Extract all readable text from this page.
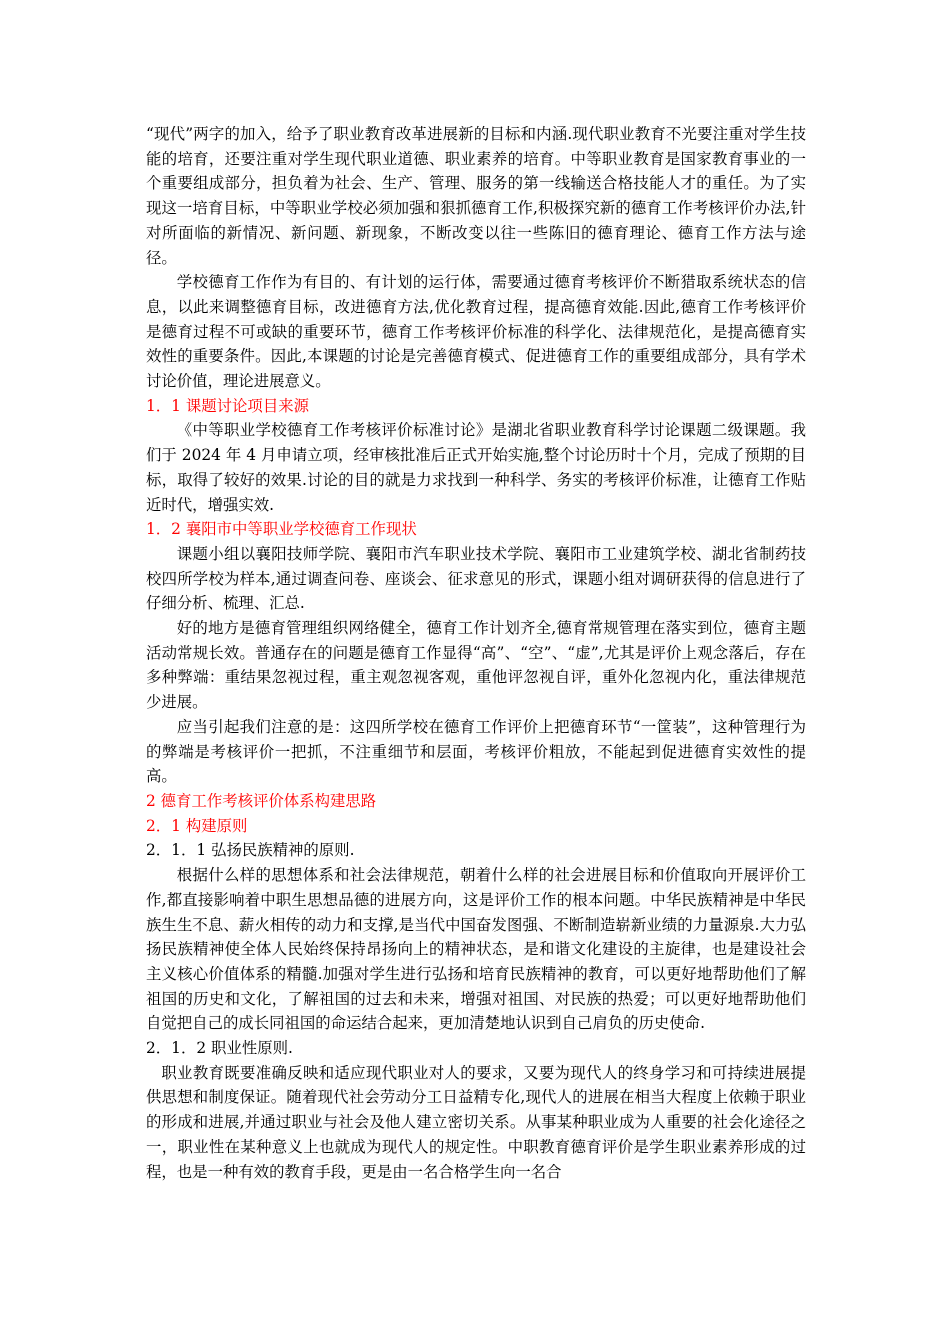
“现代”两字的加入，给予了职业教育改革进展新的目标和内涵.现代职业教育不光要注重对学生技能的培育，还要注重对学生现代职业道德、职业素养的培育。中等职业教育是国家教育事业的一个重要组成部分，担负着为社会、生产、管理、服务的第一线输送合格技能人才的重任。为了实现这一培育目标，中等职业学校必须加强和狠抓德育工作,积极探究新的德育工作考核评价办法,针对所面临的新情况、新问题、新现象，不断改变以往一些陈旧的德育理论、德育工作方法与途径。

学校德育工作作为有目的、有计划的运行体，需要通过德育考核评价不断猎取系统状态的信息，以此来调整德育目标，改进德育方法,优化教育过程，提高德育效能.因此,德育工作考核评价是德育过程不可或缺的重要环节，德育工作考核评价标准的科学化、法律规范化，是提高德育实效性的重要条件。因此,本课题的讨论是完善德育模式、促进德育工作的重要组成部分，具有学术讨论价值，理论进展意义。

1．1 课题讨论项目来源

《中等职业学校德育工作考核评价标准讨论》是湖北省职业教育科学讨论课题二级课题。我们于 2024 年 4 月申请立项，经审核批准后正式开始实施,整个讨论历时十个月，完成了预期的目标，取得了较好的效果.讨论的目的就是力求找到一种科学、务实的考核评价标准，让德育工作贴近时代，增强实效.

1．2 襄阳市中等职业学校德育工作现状

课题小组以襄阳技师学院、襄阳市汽车职业技术学院、襄阳市工业建筑学校、湖北省制药技校四所学校为样本,通过调查问卷、座谈会、征求意见的形式，课题小组对调研获得的信息进行了仔细分析、梳理、汇总.

好的地方是德育管理组织网络健全，德育工作计划齐全,德育常规管理在落实到位，德育主题活动常规长效。普通存在的问题是德育工作显得“高”、“空”、“虚”,尤其是评价上观念落后，存在多种弊端：重结果忽视过程，重主观忽视客观，重他评忽视自评，重外化忽视内化，重法律规范少进展。

应当引起我们注意的是：这四所学校在德育工作评价上把德育环节“一筐装”，这种管理行为的弊端是考核评价一把抓，不注重细节和层面，考核评价粗放，不能起到促进德育实效性的提高。

2 德育工作考核评价体系构建思路

2．1 构建原则

2．1．1 弘扬民族精神的原则.

根据什么样的思想体系和社会法律规范，朝着什么样的社会进展目标和价值取向开展评价工作,都直接影响着中职生思想品德的进展方向，这是评价工作的根本问题。中华民族精神是中华民族生生不息、薪火相传的动力和支撑,是当代中国奋发图强、不断制造崭新业绩的力量源泉.大力弘扬民族精神使全体人民始终保持昂扬向上的精神状态，是和谐文化建设的主旋律，也是建设社会主义核心价值体系的精髓.加强对学生进行弘扬和培育民族精神的教育，可以更好地帮助他们了解祖国的历史和文化，了解祖国的过去和未来，增强对祖国、对民族的热爱；可以更好地帮助他们自觉把自己的成长同祖国的命运结合起来，更加清楚地认识到自己肩负的历史使命.

2．1．2 职业性原则.

职业教育既要准确反映和适应现代职业对人的要求，又要为现代人的终身学习和可持续进展提供思想和制度保证。随着现代社会劳动分工日益精专化,现代人的进展在相当大程度上依赖于职业的形成和进展,并通过职业与社会及他人建立密切关系。从事某种职业成为人重要的社会化途径之一，职业性在某种意义上也就成为现代人的规定性。中职教育德育评价是学生职业素养形成的过程，也是一种有效的教育手段，更是由一名合格学生向一名合
